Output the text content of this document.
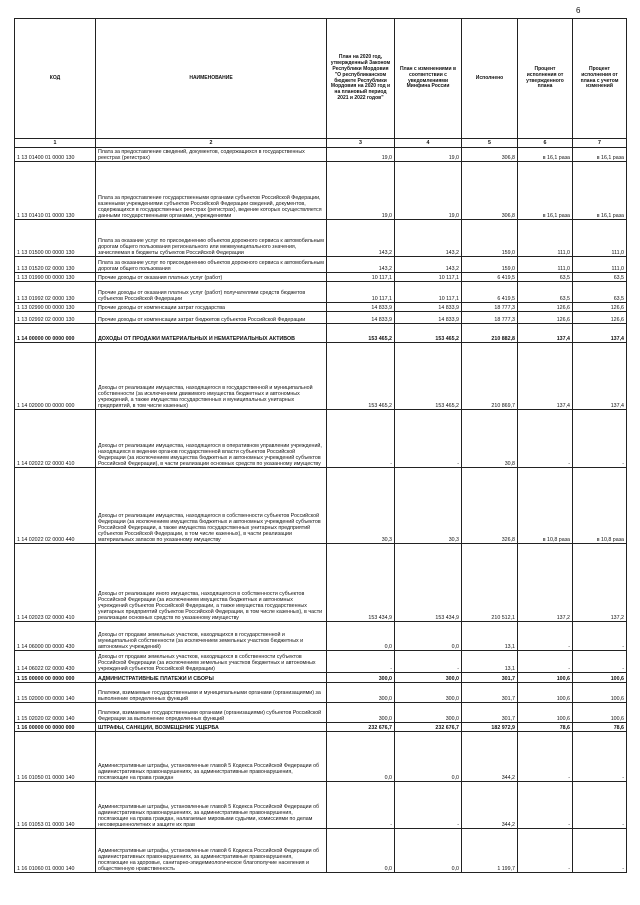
6
КОД	НАИМЕНОВАНИЕ	План на 2020 год, утвержденный Законом Республики Мордовия "О республиканском бюджете Республики Мордовия на 2020 год и на плановый период 2021 и 2022 годов"	План с изменениями в соответствии с уведомлениями Минфина России	Исполнено	Процент исполнения от утвержденного плана	Процент исполнения от плана с учетом изменений
1	2	3	4	5	6	7
1 13 01400 01 0000 130	Плата за предоставление сведений, документов, содержащихся в государственных реестрах (регистрах)	19,0	19,0	306,8	в 16,1 раза	в 16,1 раза
1 13 01410 01 0000 130	Плата за предоставление государственными органами субъектов Российской Федерации, казенными учреждениями субъектов Российской Федерации сведений, документов, содержащихся в государственных реестрах (регистрах), ведение которых осуществляется данными государственными органами, учреждениями	19,0	19,0	306,8	в 16,1 раза	в 16,1 раза
1 13 01500 00 0000 130	Плата за оказание услуг по присоединению объектов дорожного сервиса к автомобильным дорогам общего пользования регионального или межмуниципального значения, зачисляемая в бюджеты субъектов Российской Федерации	143,2	143,2	159,0	111,0	111,0
1 13 01520 02 0000 130	Плата за оказание услуг по присоединению объектов дорожного сервиса к автомобильным дорогам общего пользования	143,2	143,2	159,0	111,0	111,0
1 13 01990 00 0000 130	Прочие доходы от оказания платных услуг (работ)	10 117,1	10 117,1	6 419,5	63,5	63,5
1 13 01992 02 0000 130	Прочие доходы от оказания платных услуг (работ) получателями средств бюджетов субъектов Российской Федерации	10 117,1	10 117,1	6 419,5	63,5	63,5
1 13 02990 00 0000 130	Прочие доходы от компенсации затрат государства	14 833,9	14 833,9	18 777,3	126,6	126,6
1 13 02992 02 0000 130	Прочие доходы от компенсации затрат бюджетов субъектов Российской Федерации	14 833,9	14 833,9	18 777,3	126,6	126,6
1 14 00000 00 0000 000	ДОХОДЫ ОТ ПРОДАЖИ МАТЕРИАЛЬНЫХ И НЕМАТЕРИАЛЬНЫХ АКТИВОВ	153 465,2	153 465,2	210 882,8	137,4	137,4
1 14 02000 00 0000 000	Доходы от реализации имущества, находящегося в государственной и муниципальной собственности (за исключением движимого имущества бюджетных и автономных учреждений, а также имущества государственных и муниципальных унитарных предприятий, в том числе казенных)	153 465,2	153 465,2	210 869,7	137,4	137,4
1 14 02022 02 0000 410	Доходы от реализации имущества, находящегося в оперативном управлении учреждений, находящихся в ведении органов государственной власти субъектов Российской Федерации (за исключением имущества бюджетных и автономных учреждений субъектов Российской Федерации), в части реализации основных средств по указанному имуществу	-	-	30,8	-	-
1 14 02022 02 0000 440	Доходы от реализации имущества, находящегося в собственности субъектов Российской Федерации (за исключением имущества бюджетных и автономных учреждений субъектов Российской Федерации, а также имущества государственных унитарных предприятий субъектов Российской Федерации, в том числе казенных), в части реализации материальных запасов по указанному имуществу	30,3	30,3	326,8	в 10,8 раза	в 10,8 раза
1 14 02023 02 0000 410	Доходы от реализации иного имущества, находящегося в собственности субъектов Российской Федерации (за исключением имущества бюджетных и автономных учреждений субъектов Российской Федерации, а также имущества государственных унитарных предприятий субъектов Российской Федерации, в том числе казенных), в части реализации основных средств по указанному имуществу	153 434,9	153 434,9	210 512,1	137,2	137,2
1 14 06000 00 0000 430	Доходы от продажи земельных участков, находящихся в государственной и муниципальной собственности (за исключением земельных участков бюджетных и автономных учреждений)	0,0	0,0	13,1	-	-
1 14 06022 02 0000 430	Доходы от продажи земельных участков, находящихся в собственности субъектов Российской Федерации (за исключением земельных участков бюджетных и автономных учреждений субъектов Российской Федерации)	-	-	13,1	-	-
1 15 00000 00 0000 000	АДМИНИСТРАТИВНЫЕ ПЛАТЕЖИ И СБОРЫ	300,0	300,0	301,7	100,6	100,6
1 15 02000 00 0000 140	Платежи, взимаемые государственными и муниципальными органами (организациями) за выполнение определенных функций	300,0	300,0	301,7	100,6	100,6
1 15 02020 02 0000 140	Платежи, взимаемые государственными органами (организациями) субъектов Российской Федерации за выполнение определенных функций	300,0	300,0	301,7	100,6	100,6
1 16 00000 00 0000 000	ШТРАФЫ, САНКЦИИ, ВОЗМЕЩЕНИЕ УЩЕРБА	232 676,7	232 676,7	182 972,9	78,6	78,6
1 16 01050 01 0000 140	Административные штрафы, установленные главой 5 Кодекса Российской Федерации об административных правонарушениях, за административные правонарушения, посягающие на права граждан	0,0	0,0	344,2	-	-
1 16 01053 01 0000 140	Административные штрафы, установленные главой 5 Кодекса Российской Федерации об административных правонарушениях, за административные правонарушения, посягающие на права граждан, налагаемые мировыми судьями, комиссиями по делам несовершеннолетних и защите их прав	-	-	344,2	-	-
1 16 01060 01 0000 140	Административные штрафы, установленные главой 6 Кодекса Российской Федерации об административных правонарушениях, за административные правонарушения, посягающие на здоровье, санитарно-эпидемиологическое благополучие населения и общественную нравственность	0,0	0,0	1 199,7	-	-
